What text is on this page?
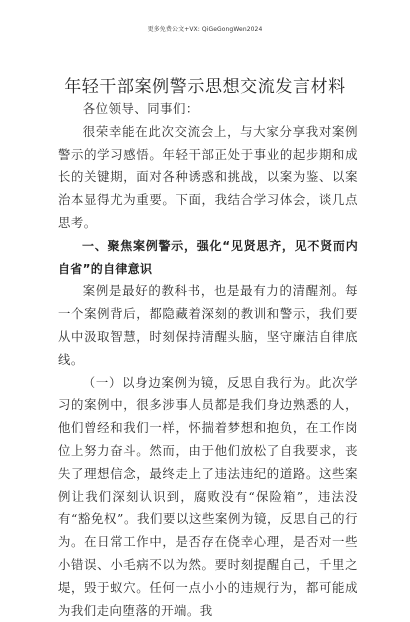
更多免费公文+VX: QiGeGongWen2024
年轻干部案例警示思想交流发言材料

各位领导、同事们：

很荣幸能在此次交流会上，与大家分享我对案例警示的学习感悟。年轻干部正处于事业的起步期和成长的关键期，面对各种诱惑和挑战，以案为鉴、以案治本显得尤为重要。下面，我结合学习体会，谈几点思考。

一、聚焦案例警示，强化“见贤思齐，见不贤而内自省”的自律意识

案例是最好的教科书，也是最有力的清醒剂。每一个案例背后，都隐藏着深刻的教训和警示，我们要从中汲取智慧，时刻保持清醒头脑，坚守廉洁自律底线。

（一）以身边案例为镜，反思自我行为。此次学习的案例中，很多涉事人员都是我们身边熟悉的人，他们曾经和我们一样，怀揣着梦想和抱负，在工作岗位上努力奋斗。然而，由于他们放松了自我要求，丧失了理想信念，最终走上了违法违纪的道路。这些案例让我们深刻认识到，腐败没有“保险箱”，违法没有“豁免权”。我们要以这些案例为镜，反思自己的行为。在日常工作中，是否存在侥幸心理，是否对一些小错误、小毛病不以为然。要时刻提醒自己，千里之堤，毁于蚁穴。任何一点小小的违规行为，都可能成为我们走向堕落的开端。我
